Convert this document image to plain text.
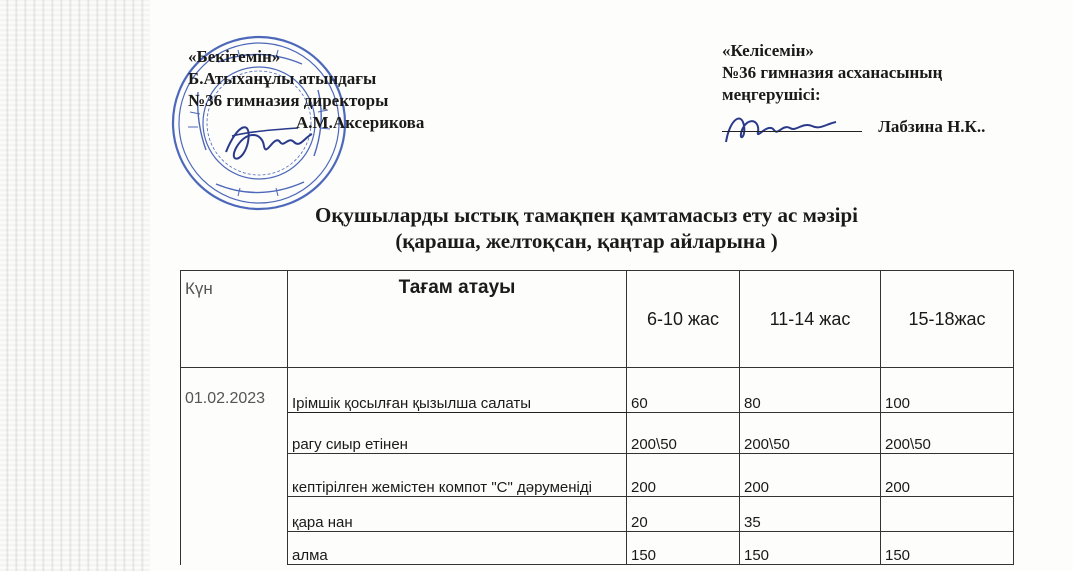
«Бекітемін»
Б.Атыханұлы атындағы
№36 гимназия директоры
А.М.Аксерикова
«Келісемін»
№36 гимназия асханасының
меңгерушісі:
Лабзина Н.К..
Оқушыларды ыстық тамақпен қамтамасыз ету ас мәзірі
(қараша, желтоқсан, қаңтар айларына )
Күн	Тағам атауы	6-10 жас	11-14 жас	15-18жас
01.02.2023	Ірімшік қосылған қызылша салаты	60	80	100
	рагу сиыр етінен	200\50	200\50	200\50
	кептірілген жемістен компот "С" дәруменіді	200	200	200
	қара нан	20	35	
	алма	150	150	150
